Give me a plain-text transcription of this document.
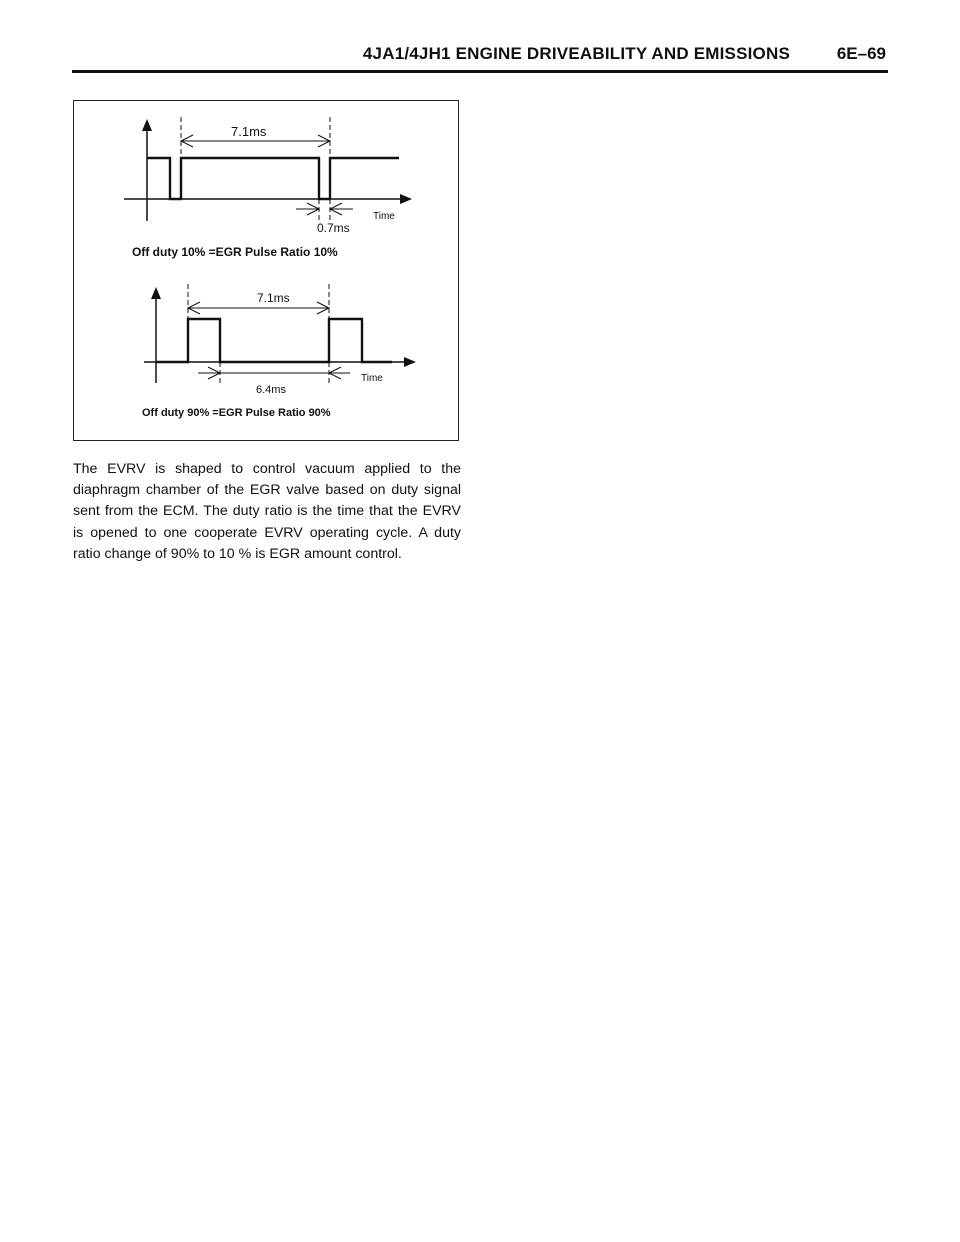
4JA1/4JH1 ENGINE DRIVEABILITY AND EMISSIONS	6E–69
7.1ms
0.7ms
Time
Off duty 10% =EGR Pulse Ratio 10%
7.1ms
6.4ms
Time
Off duty 90% =EGR Pulse Ratio 90%

The EVRV is shaped to control vacuum applied to the diaphragm chamber of the EGR valve based on duty signal sent from the ECM. The duty ratio is the time that the EVRV is opened to one cooperate EVRV operating cycle. A duty ratio change of 90% to 10 % is EGR amount control.
